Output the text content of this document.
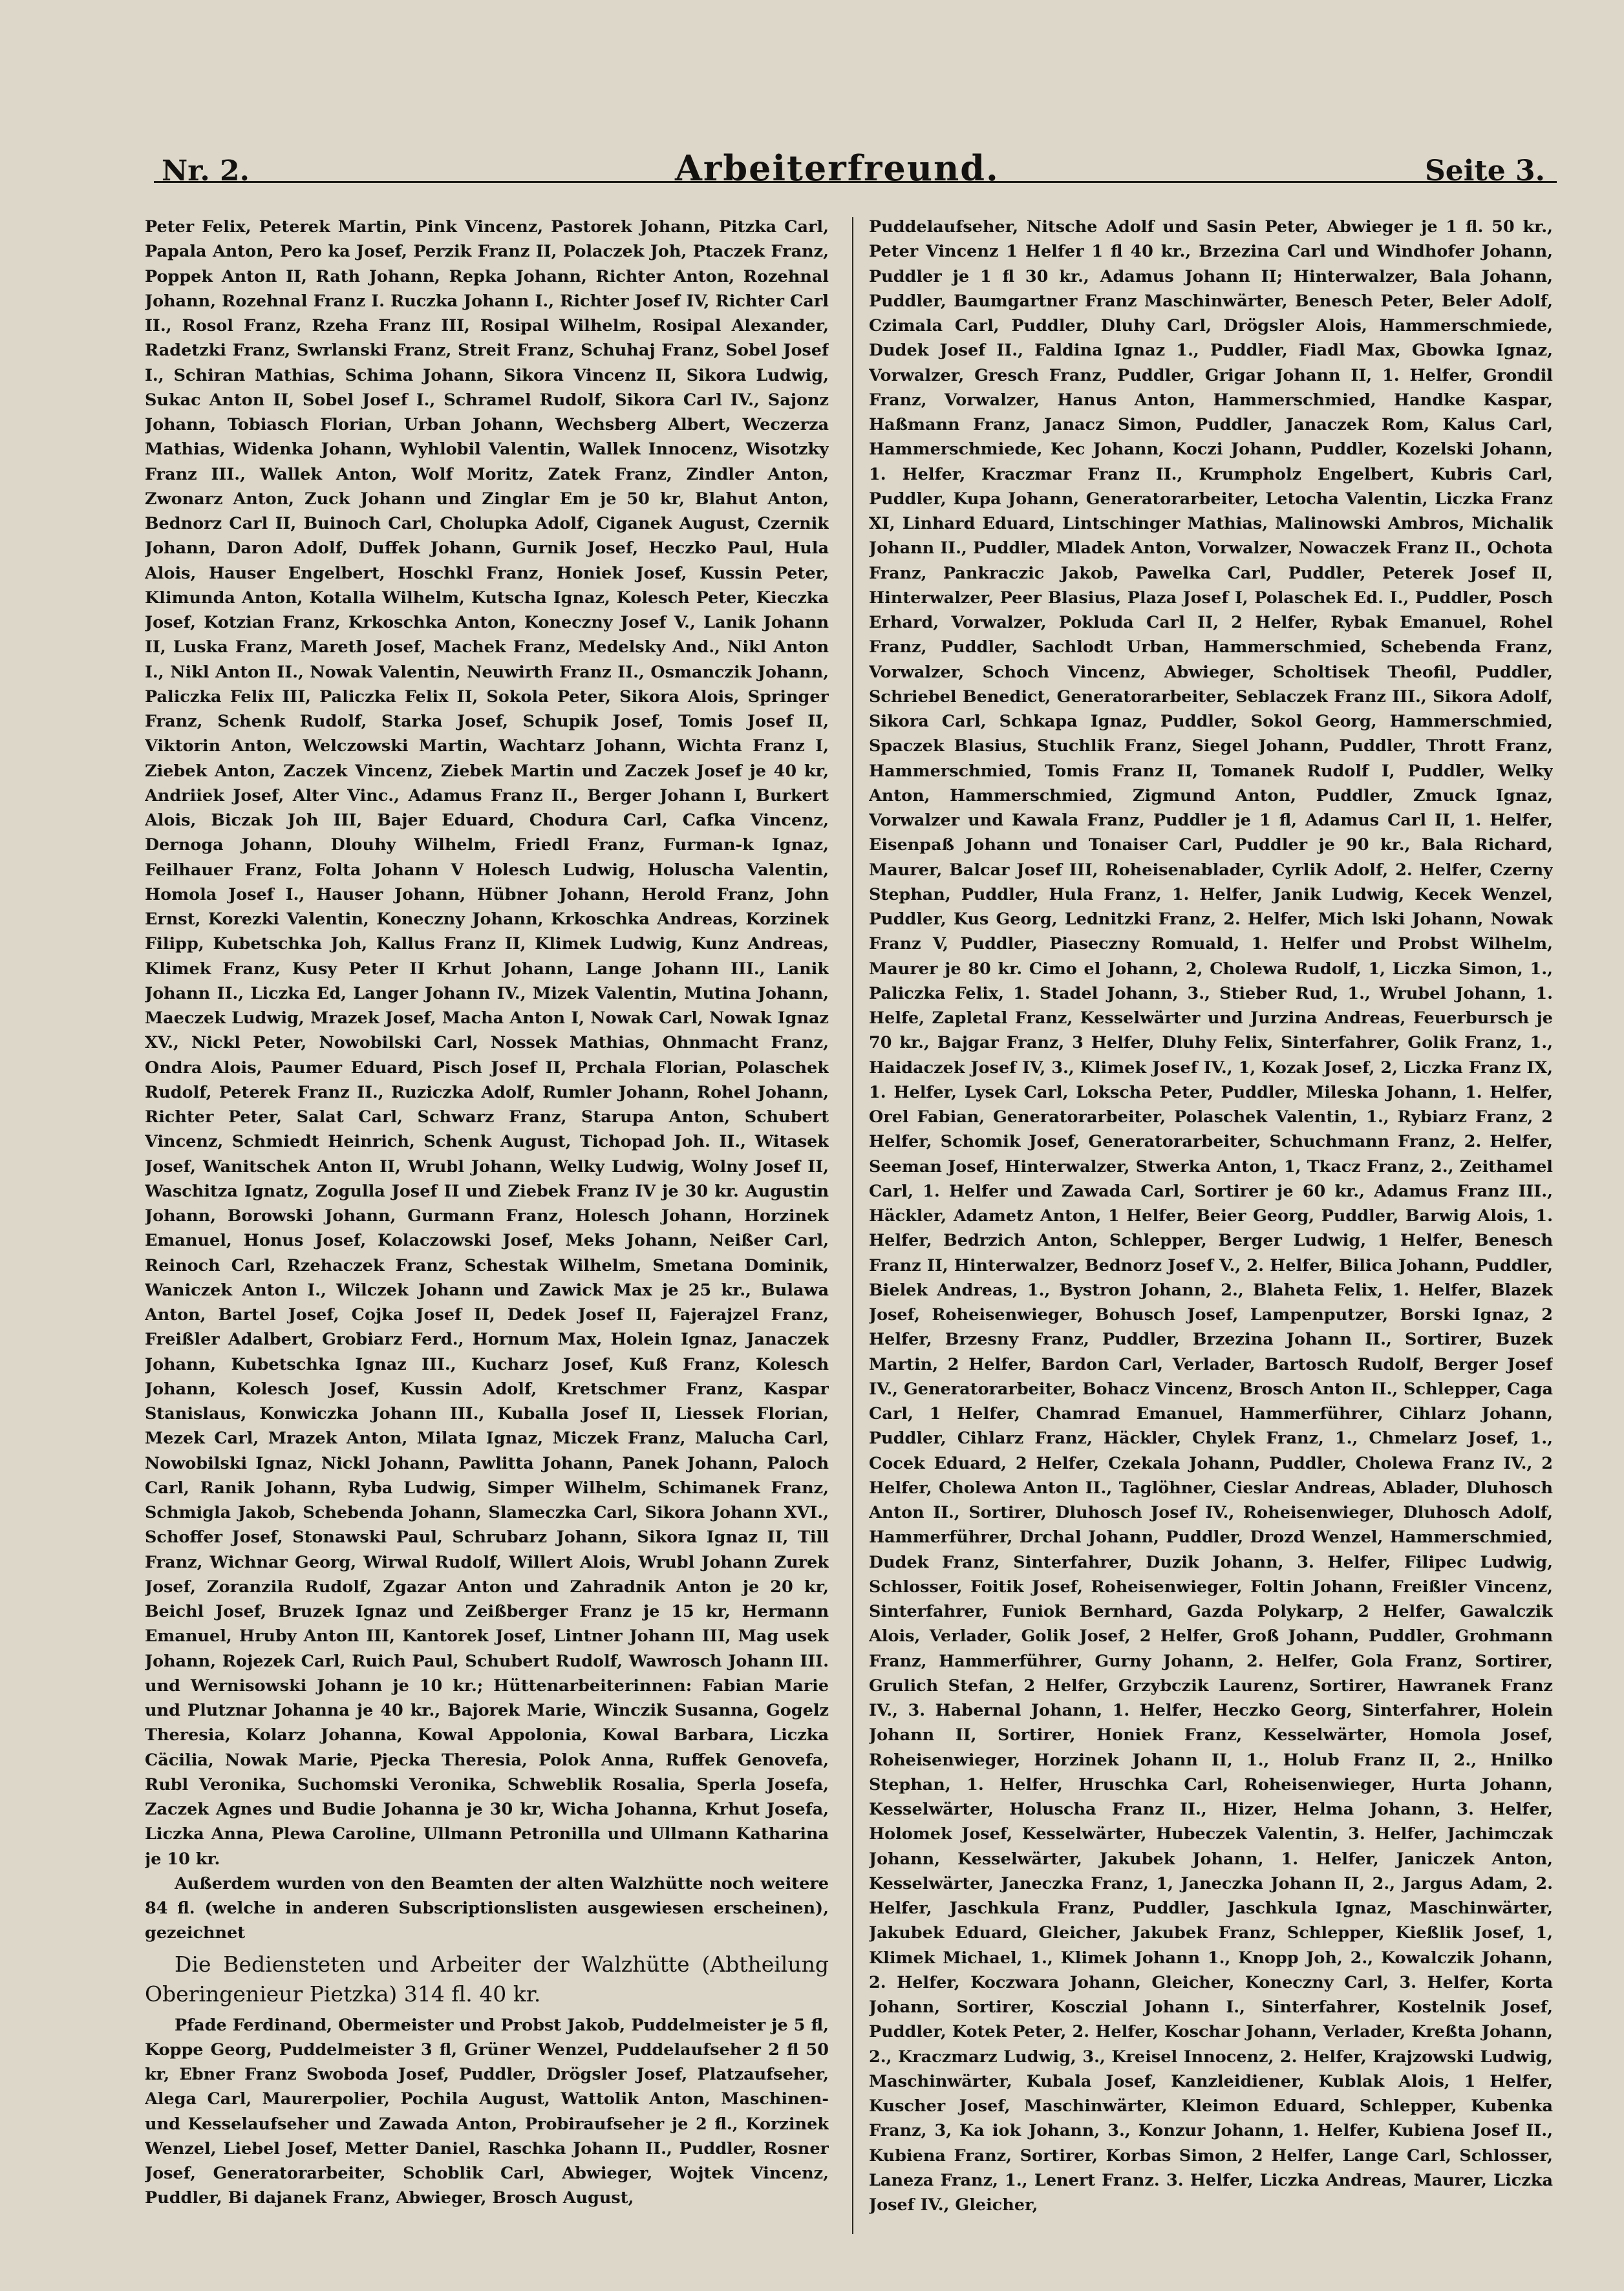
Nr. 2.	Arbeiterfreund.	Seite 3.

Peter Felix, Peterek Martin, Pink Vincenz, Pastorek Johann, Pitzka Carl, Papala Anton, Pero ka Josef, Perzik Franz II, Polaczek Joh, Ptaczek Franz, Poppek Anton II, Rath Johann, Repka Johann, Richter Anton, Rozehnal Johann, Rozehnal Franz I. Ruczka Johann I., Richter Josef IV, Richter Carl II., Rosol Franz, Rzeha Franz III, Rosipal Wilhelm, Rosipal Alexander, Radetzki Franz, Swrlanski Franz, Streit Franz, Schuhaj Franz, Sobel Josef I., Schiran Mathias, Schima Johann, Sikora Vincenz II, Sikora Ludwig, Sukac Anton II, Sobel Josef I., Schramel Rudolf, Sikora Carl IV., Sajonz Johann, Tobiasch Florian, Urban Johann, Wechsberg Albert, Weczerza Mathias, Widenka Johann, Wyhlobil Valentin, Wallek Innocenz, Wisotzky Franz III., Wallek Anton, Wolf Moritz, Zatek Franz, Zindler Anton, Zwonarz Anton, Zuck Johann und Zinglar Em je 50 kr, Blahut Anton, Bednorz Carl II, Buinoch Carl, Cholupka Adolf, Ciganek August, Czernik Johann, Daron Adolf, Duffek Johann, Gurnik Josef, Heczko Paul, Hula Alois, Hauser Engelbert, Hoschkl Franz, Honiek Josef, Kussin Peter, Klimunda Anton, Kotalla Wilhelm, Kutscha Ignaz, Kolesch Peter, Kieczka Josef, Kotzian Franz, Krkoschka Anton, Koneczny Josef V., Lanik Johann II, Luska Franz, Mareth Josef, Machek Franz, Medelsky And., Nikl Anton I., Nikl Anton II., Nowak Valentin, Neuwirth Franz II., Osmanczik Johann, Paliczka Felix III, Paliczka Felix II, Sokola Peter, Sikora Alois, Springer Franz, Schenk Rudolf, Starka Josef, Schupik Josef, Tomis Josef II, Viktorin Anton, Welczowski Martin, Wachtarz Johann, Wichta Franz I, Ziebek Anton, Zaczek Vincenz, Ziebek Martin und Zaczek Josef je 40 kr, Andriiek Josef, Alter Vinc., Adamus Franz II., Berger Johann I, Burkert Alois, Biczak Joh III, Bajer Eduard, Chodura Carl, Cafka Vincenz, Dernoga Johann, Dlouhy Wilhelm, Friedl Franz, Furman-k Ignaz, Feilhauer Franz, Folta Johann V Holesch Ludwig, Holuscha Valentin, Homola Josef I., Hauser Johann, Hübner Johann, Herold Franz, John Ernst, Korezki Valentin, Koneczny Johann, Krkoschka Andreas, Korzinek Filipp, Kubetschka Joh, Kallus Franz II, Klimek Ludwig, Kunz Andreas, Klimek Franz, Kusy Peter II Krhut Johann, Lange Johann III., Lanik Johann II., Liczka Ed, Langer Johann IV., Mizek Valentin, Mutina Johann, Maeczek Ludwig, Mrazek Josef, Macha Anton I, Nowak Carl, Nowak Ignaz XV., Nickl Peter, Nowobilski Carl, Nossek Mathias, Ohnmacht Franz, Ondra Alois, Paumer Eduard, Pisch Josef II, Prchala Florian, Polaschek Rudolf, Peterek Franz II., Ruziczka Adolf, Rumler Johann, Rohel Johann, Richter Peter, Salat Carl, Schwarz Franz, Starupa Anton, Schubert Vincenz, Schmiedt Heinrich, Schenk August, Tichopad Joh. II., Witasek Josef, Wanitschek Anton II, Wrubl Johann, Welky Ludwig, Wolny Josef II, Waschitza Ignatz, Zogulla Josef II und Ziebek Franz IV je 30 kr. Augustin Johann, Borowski Johann, Gurmann Franz, Holesch Johann, Horzinek Emanuel, Honus Josef, Kolaczowski Josef, Meks Johann, Neißer Carl, Reinoch Carl, Rzehaczek Franz, Schestak Wilhelm, Smetana Dominik, Waniczek Anton I., Wilczek Johann und Zawick Max je 25 kr., Bulawa Anton, Bartel Josef, Cojka Josef II, Dedek Josef II, Fajerajzel Franz, Freißler Adalbert, Grobiarz Ferd., Hornum Max, Holein Ignaz, Janaczek Johann, Kubetschka Ignaz III., Kucharz Josef, Kuß Franz, Kolesch Johann, Kolesch Josef, Kussin Adolf, Kretschmer Franz, Kaspar Stanislaus, Konwiczka Johann III., Kuballa Josef II, Liessek Florian, Mezek Carl, Mrazek Anton, Milata Ignaz, Miczek Franz, Malucha Carl, Nowobilski Ignaz, Nickl Johann, Pawlitta Johann, Panek Johann, Paloch Carl, Ranik Johann, Ryba Ludwig, Simper Wilhelm, Schimanek Franz, Schmigla Jakob, Schebenda Johann, Slameczka Carl, Sikora Johann XVI., Schoffer Josef, Stonawski Paul, Schrubarz Johann, Sikora Ignaz II, Till Franz, Wichnar Georg, Wirwal Rudolf, Willert Alois, Wrubl Johann Zurek Josef, Zoranzila Rudolf, Zgazar Anton und Zahradnik Anton je 20 kr, Beichl Josef, Bruzek Ignaz und Zeißberger Franz je 15 kr, Hermann Emanuel, Hruby Anton III, Kantorek Josef, Lintner Johann III, Mag usek Johann, Rojezek Carl, Ruich Paul, Schubert Rudolf, Wawrosch Johann III. und Wernisowski Johann je 10 kr.; Hüttenarbeiterinnen: Fabian Marie und Plutznar Johanna je 40 kr., Bajorek Marie, Winczik Susanna, Gogelz Theresia, Kolarz Johanna, Kowal Appolonia, Kowal Barbara, Liczka Cäcilia, Nowak Marie, Pjecka Theresia, Polok Anna, Ruffek Genovefa, Rubl Veronika, Suchomski Veronika, Schweblik Rosalia, Sperla Josefa, Zaczek Agnes und Budie Johanna je 30 kr, Wicha Johanna, Krhut Josefa, Liczka Anna, Plewa Caroline, Ullmann Petronilla und Ullmann Katharina je 10 kr.

Außerdem wurden von den Beamten der alten Walzhütte noch weitere 84 fl. (welche in anderen Subscriptionslisten ausgewiesen erscheinen), gezeichnet

Die Bediensteten und Arbeiter der Walzhütte (Abtheilung Oberingenieur Pietzka) 314 fl. 40 kr.

Pfade Ferdinand, Obermeister und Probst Jakob, Puddelmeister je 5 fl, Koppe Georg, Puddelmeister 3 fl, Grüner Wenzel, Puddelaufseher 2 fl 50 kr, Ebner Franz Swoboda Josef, Puddler, Drögsler Josef, Platzaufseher, Alega Carl, Maurerpolier, Pochila August, Wattolik Anton, Maschinen- und Kesselaufseher und Zawada Anton, Probiraufseher je 2 fl., Korzinek Wenzel, Liebel Josef, Metter Daniel, Raschka Johann II., Puddler, Rosner Josef, Generatorarbeiter, Schoblik Carl, Abwieger, Wojtek Vincenz, Puddler, Bi dajanek Franz, Abwieger, Brosch August,

Puddelaufseher, Nitsche Adolf und Sasin Peter, Abwieger je 1 fl. 50 kr., Peter Vincenz 1 Helfer 1 fl 40 kr., Brzezina Carl und Windhofer Johann, Puddler je 1 fl 30 kr., Adamus Johann II; Hinterwalzer, Bala Johann, Puddler, Baumgartner Franz Maschinwärter, Benesch Peter, Beler Adolf, Czimala Carl, Puddler, Dluhy Carl, Drögsler Alois, Hammerschmiede, Dudek Josef II., Faldina Ignaz 1., Puddler, Fiadl Max, Gbowka Ignaz, Vorwalzer, Gresch Franz, Puddler, Grigar Johann II, 1. Helfer, Grondil Franz, Vorwalzer, Hanus Anton, Hammerschmied, Handke Kaspar, Haßmann Franz, Janacz Simon, Puddler, Janaczek Rom, Kalus Carl, Hammerschmiede, Kec Johann, Koczi Johann, Puddler, Kozelski Johann, 1. Helfer, Kraczmar Franz II., Krumpholz Engelbert, Kubris Carl, Puddler, Kupa Johann, Generatorarbeiter, Letocha Valentin, Liczka Franz XI, Linhard Eduard, Lintschinger Mathias, Malinowski Ambros, Michalik Johann II., Puddler, Mladek Anton, Vorwalzer, Nowaczek Franz II., Ochota Franz, Pankraczic Jakob, Pawelka Carl, Puddler, Peterek Josef II, Hinterwalzer, Peer Blasius, Plaza Josef I, Polaschek Ed. I., Puddler, Posch Erhard, Vorwalzer, Pokluda Carl II, 2 Helfer, Rybak Emanuel, Rohel Franz, Puddler, Sachlodt Urban, Hammerschmied, Schebenda Franz, Vorwalzer, Schoch Vincenz, Abwieger, Scholtisek Theofil, Puddler, Schriebel Benedict, Generatorarbeiter, Seblaczek Franz III., Sikora Adolf, Sikora Carl, Schkapa Ignaz, Puddler, Sokol Georg, Hammerschmied, Spaczek Blasius, Stuchlik Franz, Siegel Johann, Puddler, Thrott Franz, Hammerschmied, Tomis Franz II, Tomanek Rudolf I, Puddler, Welky Anton, Hammerschmied, Zigmund Anton, Puddler, Zmuck Ignaz, Vorwalzer und Kawala Franz, Puddler je 1 fl, Adamus Carl II, 1. Helfer, Eisenpaß Johann und Tonaiser Carl, Puddler je 90 kr., Bala Richard, Maurer, Balcar Josef III, Roheisenablader, Cyrlik Adolf, 2. Helfer, Czerny Stephan, Puddler, Hula Franz, 1. Helfer, Janik Ludwig, Kecek Wenzel, Puddler, Kus Georg, Lednitzki Franz, 2. Helfer, Mich lski Johann, Nowak Franz V, Puddler, Piaseczny Romuald, 1. Helfer und Probst Wilhelm, Maurer je 80 kr. Cimo el Johann, 2, Cholewa Rudolf, 1, Liczka Simon, 1., Paliczka Felix, 1. Stadel Johann, 3., Stieber Rud, 1., Wrubel Johann, 1. Helfe, Zapletal Franz, Kesselwärter und Jurzina Andreas, Feuerbursch je 70 kr., Bajgar Franz, 3 Helfer, Dluhy Felix, Sinterfahrer, Golik Franz, 1., Haidaczek Josef IV, 3., Klimek Josef IV., 1, Kozak Josef, 2, Liczka Franz IX, 1. Helfer, Lysek Carl, Lokscha Peter, Puddler, Mileska Johann, 1. Helfer, Orel Fabian, Generatorarbeiter, Polaschek Valentin, 1., Rybiarz Franz, 2 Helfer, Schomik Josef, Generatorarbeiter, Schuchmann Franz, 2. Helfer, Seeman Josef, Hinterwalzer, Stwerka Anton, 1, Tkacz Franz, 2., Zeithamel Carl, 1. Helfer und Zawada Carl, Sortirer je 60 kr., Adamus Franz III., Häckler, Adametz Anton, 1 Helfer, Beier Georg, Puddler, Barwig Alois, 1. Helfer, Bedrzich Anton, Schlepper, Berger Ludwig, 1 Helfer, Benesch Franz II, Hinterwalzer, Bednorz Josef V., 2. Helfer, Bilica Johann, Puddler, Bielek Andreas, 1., Bystron Johann, 2., Blaheta Felix, 1. Helfer, Blazek Josef, Roheisenwieger, Bohusch Josef, Lampenputzer, Borski Ignaz, 2 Helfer, Brzesny Franz, Puddler, Brzezina Johann II., Sortirer, Buzek Martin, 2 Helfer, Bardon Carl, Verlader, Bartosch Rudolf, Berger Josef IV., Generatorarbeiter, Bohacz Vincenz, Brosch Anton II., Schlepper, Caga Carl, 1 Helfer, Chamrad Emanuel, Hammerführer, Cihlarz Johann, Puddler, Cihlarz Franz, Häckler, Chylek Franz, 1., Chmelarz Josef, 1., Cocek Eduard, 2 Helfer, Czekala Johann, Puddler, Cholewa Franz IV., 2 Helfer, Cholewa Anton II., Taglöhner, Cieslar Andreas, Ablader, Dluhosch Anton II., Sortirer, Dluhosch Josef IV., Roheisenwieger, Dluhosch Adolf, Hammerführer, Drchal Johann, Puddler, Drozd Wenzel, Hammerschmied, Dudek Franz, Sinterfahrer, Duzik Johann, 3. Helfer, Filipec Ludwig, Schlosser, Foitik Josef, Roheisenwieger, Foltin Johann, Freißler Vincenz, Sinterfahrer, Funiok Bernhard, Gazda Polykarp, 2 Helfer, Gawalczik Alois, Verlader, Golik Josef, 2 Helfer, Groß Johann, Puddler, Grohmann Franz, Hammerführer, Gurny Johann, 2. Helfer, Gola Franz, Sortirer, Grulich Stefan, 2 Helfer, Grzybczik Laurenz, Sortirer, Hawranek Franz IV., 3. Habernal Johann, 1. Helfer, Heczko Georg, Sinterfahrer, Holein Johann II, Sortirer, Honiek Franz, Kesselwärter, Homola Josef, Roheisenwieger, Horzinek Johann II, 1., Holub Franz II, 2., Hnilko Stephan, 1. Helfer, Hruschka Carl, Roheisenwieger, Hurta Johann, Kesselwärter, Holuscha Franz II., Hizer, Helma Johann, 3. Helfer, Holomek Josef, Kesselwärter, Hubeczek Valentin, 3. Helfer, Jachimczak Johann, Kesselwärter, Jakubek Johann, 1. Helfer, Janiczek Anton, Kesselwärter, Janeczka Franz, 1, Janeczka Johann II, 2., Jargus Adam, 2. Helfer, Jaschkula Franz, Puddler, Jaschkula Ignaz, Maschinwärter, Jakubek Eduard, Gleicher, Jakubek Franz, Schlepper, Kießlik Josef, 1, Klimek Michael, 1., Klimek Johann 1., Knopp Joh, 2., Kowalczik Johann, 2. Helfer, Koczwara Johann, Gleicher, Koneczny Carl, 3. Helfer, Korta Johann, Sortirer, Kosczial Johann I., Sinterfahrer, Kostelnik Josef, Puddler, Kotek Peter, 2. Helfer, Koschar Johann, Verlader, Kreßta Johann, 2., Kraczmarz Ludwig, 3., Kreisel Innocenz, 2. Helfer, Krajzowski Ludwig, Maschinwärter, Kubala Josef, Kanzleidiener, Kublak Alois, 1 Helfer, Kuscher Josef, Maschinwärter, Kleimon Eduard, Schlepper, Kubenka Franz, 3, Ka iok Johann, 3., Konzur Johann, 1. Helfer, Kubiena Josef II., Kubiena Franz, Sortirer, Korbas Simon, 2 Helfer, Lange Carl, Schlosser, Laneza Franz, 1., Lenert Franz. 3. Helfer, Liczka Andreas, Maurer, Liczka Josef IV., Gleicher,
